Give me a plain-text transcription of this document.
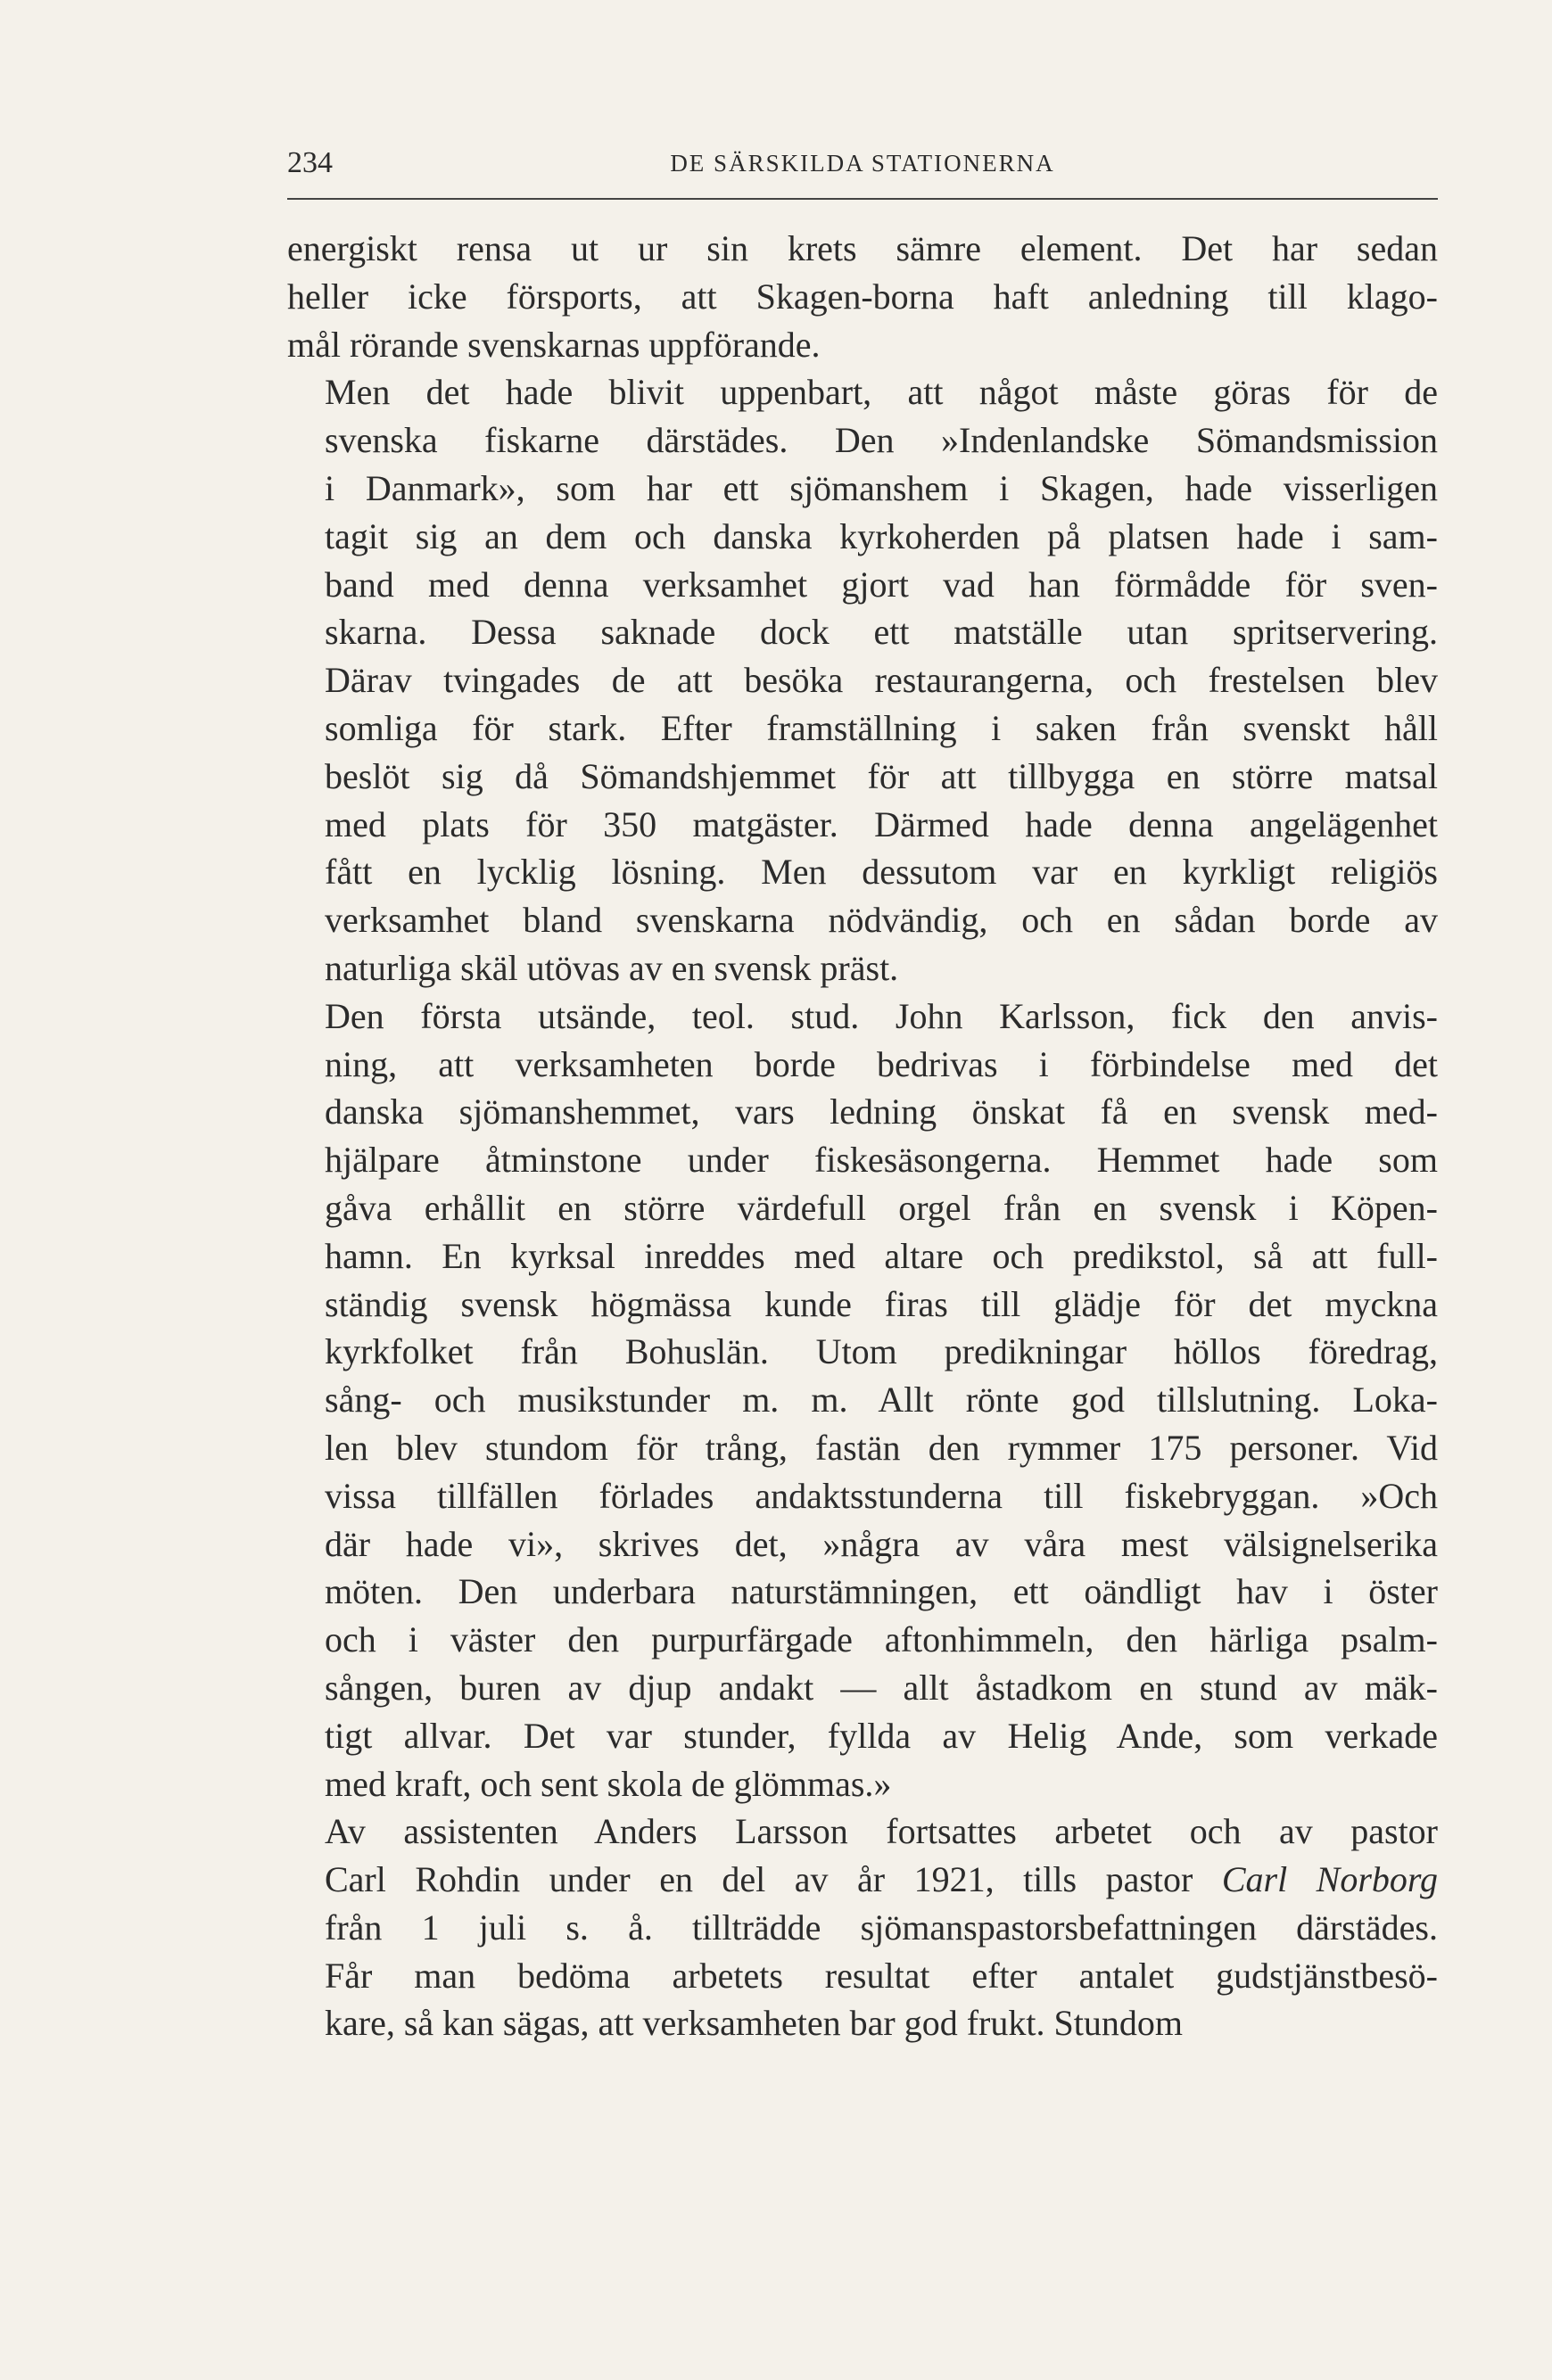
234	DE SÄRSKILDA STATIONERNA
energiskt rensa ut ur sin krets sämre element. Det har sedan
heller icke försports, att Skagen-borna haft anledning till klago-
mål rörande svenskarnas uppförande.
Men det hade blivit uppenbart, att något måste göras för de
svenska fiskarne därstädes. Den »Indenlandske Sömandsmission
i Danmark», som har ett sjömanshem i Skagen, hade visserligen
tagit sig an dem och danska kyrkoherden på platsen hade i sam-
band med denna verksamhet gjort vad han förmådde för sven-
skarna. Dessa saknade dock ett matställe utan spritservering.
Därav tvingades de att besöka restaurangerna, och frestelsen blev
somliga för stark. Efter framställning i saken från svenskt håll
beslöt sig då Sömandshjemmet för att tillbygga en större matsal
med plats för 350 matgäster. Därmed hade denna angelägenhet
fått en lycklig lösning. Men dessutom var en kyrkligt religiös
verksamhet bland svenskarna nödvändig, och en sådan borde av
naturliga skäl utövas av en svensk präst.
Den första utsände, teol. stud. John Karlsson, fick den anvis-
ning, att verksamheten borde bedrivas i förbindelse med det
danska sjömanshemmet, vars ledning önskat få en svensk med-
hjälpare åtminstone under fiskesäsongerna. Hemmet hade som
gåva erhållit en större värdefull orgel från en svensk i Köpen-
hamn. En kyrksal inreddes med altare och predikstol, så att full-
ständig svensk högmässa kunde firas till glädje för det myckna
kyrkfolket från Bohuslän. Utom predikningar höllos föredrag,
sång- och musikstunder m. m. Allt rönte god tillslutning. Loka-
len blev stundom för trång, fastän den rymmer 175 personer. Vid
vissa tillfällen förlades andaktsstunderna till fiskebryggan. »Och
där hade vi», skrives det, »några av våra mest välsignelserika
möten. Den underbara naturstämningen, ett oändligt hav i öster
och i väster den purpurfärgade aftonhimmeln, den härliga psalm-
sången, buren av djup andakt — allt åstadkom en stund av mäk-
tigt allvar. Det var stunder, fyllda av Helig Ande, som verkade
med kraft, och sent skola de glömmas.»
Av assistenten Anders Larsson fortsattes arbetet och av pastor
Carl Rohdin under en del av år 1921, tills pastor Carl Norborg
från 1 juli s. å. tillträdde sjömanspastorsbefattningen därstädes.
Får man bedöma arbetets resultat efter antalet gudstjänstbesö-
kare, så kan sägas, att verksamheten bar god frukt. Stundom
